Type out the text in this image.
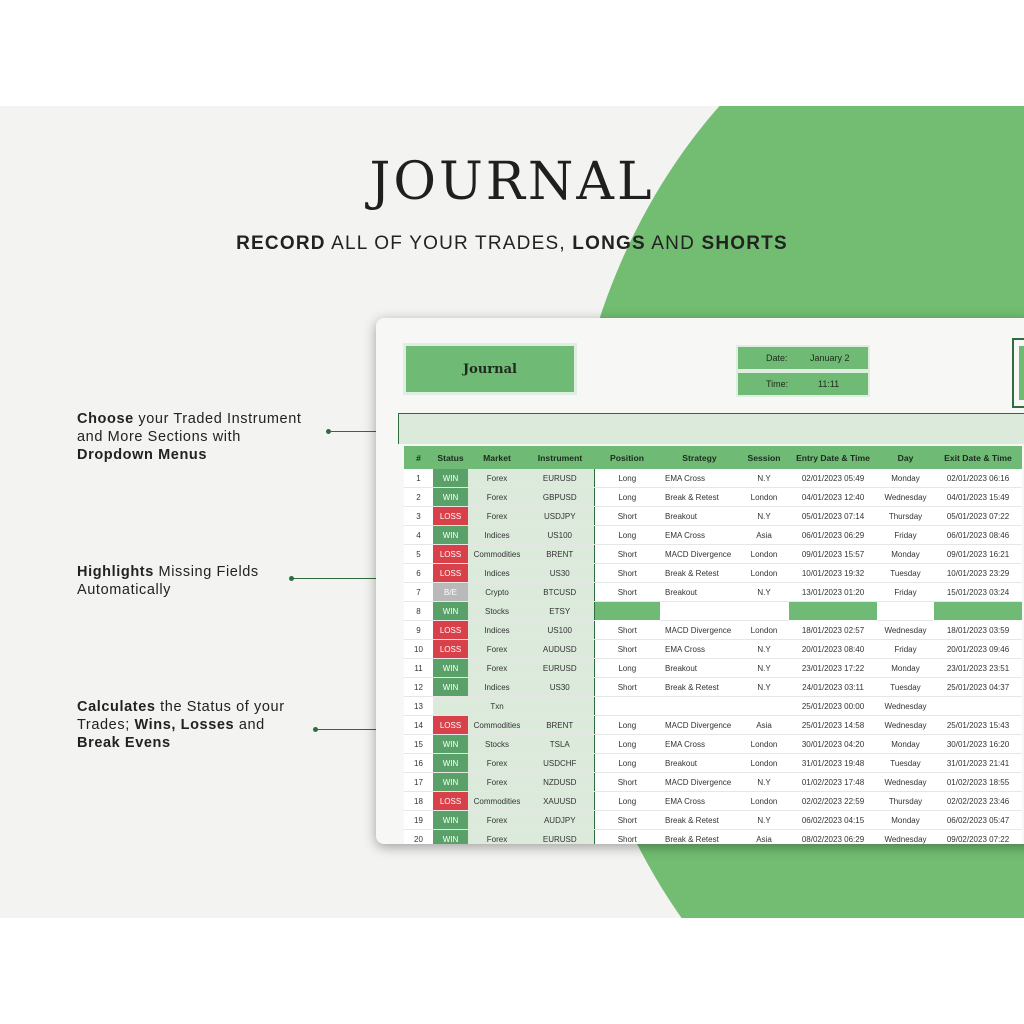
JOURNAL
RECORD ALL OF YOUR TRADES, LONGS AND SHORTS
Choose your Traded Instrument
and More Sections with
Dropdown Menus
Highlights Missing Fields
Automatically
Calculates the Status of your
Trades; Wins, Losses and
Break Evens
Journal
Date: January 2
Time:	11:11
#	Status	Market	Instrument	Position	Strategy	Session	Entry Date & Time	Day	Exit Date & Time
1	WIN	Forex	EURUSD	Long	EMA Cross	N.Y	02/01/2023 05:49	Monday	02/01/2023 06:16
2	WIN	Forex	GBPUSD	Long	Break & Retest	London	04/01/2023 12:40	Wednesday	04/01/2023 15:49
3	LOSS	Forex	USDJPY	Short	Breakout	N.Y	05/01/2023 07:14	Thursday	05/01/2023 07:22
4	WIN	Indices	US100	Long	EMA Cross	Asia	06/01/2023 06:29	Friday	06/01/2023 08:46
5	LOSS	Commodities	BRENT	Short	MACD Divergence	London	09/01/2023 15:57	Monday	09/01/2023 16:21
6	LOSS	Indices	US30	Short	Break & Retest	London	10/01/2023 19:32	Tuesday	10/01/2023 23:29
7	B/E	Crypto	BTCUSD	Short	Breakout	N.Y	13/01/2023 01:20	Friday	15/01/2023 03:24
8	WIN	Stocks	ETSY						
9	LOSS	Indices	US100	Short	MACD Divergence	London	18/01/2023 02:57	Wednesday	18/01/2023 03:59
10	LOSS	Forex	AUDUSD	Short	EMA Cross	N.Y	20/01/2023 08:40	Friday	20/01/2023 09:46
11	WIN	Forex	EURUSD	Long	Breakout	N.Y	23/01/2023 17:22	Monday	23/01/2023 23:51
12	WIN	Indices	US30	Short	Break & Retest	N.Y	24/01/2023 03:11	Tuesday	25/01/2023 04:37
13		Txn					25/01/2023 00:00	Wednesday	
14	LOSS	Commodities	BRENT	Long	MACD Divergence	Asia	25/01/2023 14:58	Wednesday	25/01/2023 15:43
15	WIN	Stocks	TSLA	Long	EMA Cross	London	30/01/2023 04:20	Monday	30/01/2023 16:20
16	WIN	Forex	USDCHF	Long	Breakout	London	31/01/2023 19:48	Tuesday	31/01/2023 21:41
17	WIN	Forex	NZDUSD	Short	MACD Divergence	N.Y	01/02/2023 17:48	Wednesday	01/02/2023 18:55
18	LOSS	Commodities	XAUUSD	Long	EMA Cross	London	02/02/2023 22:59	Thursday	02/02/2023 23:46
19	WIN	Forex	AUDJPY	Short	Break & Retest	N.Y	06/02/2023 04:15	Monday	06/02/2023 05:47
20	WIN	Forex	EURUSD	Short	Break & Retest	Asia	08/02/2023 06:29	Wednesday	09/02/2023 07:22
